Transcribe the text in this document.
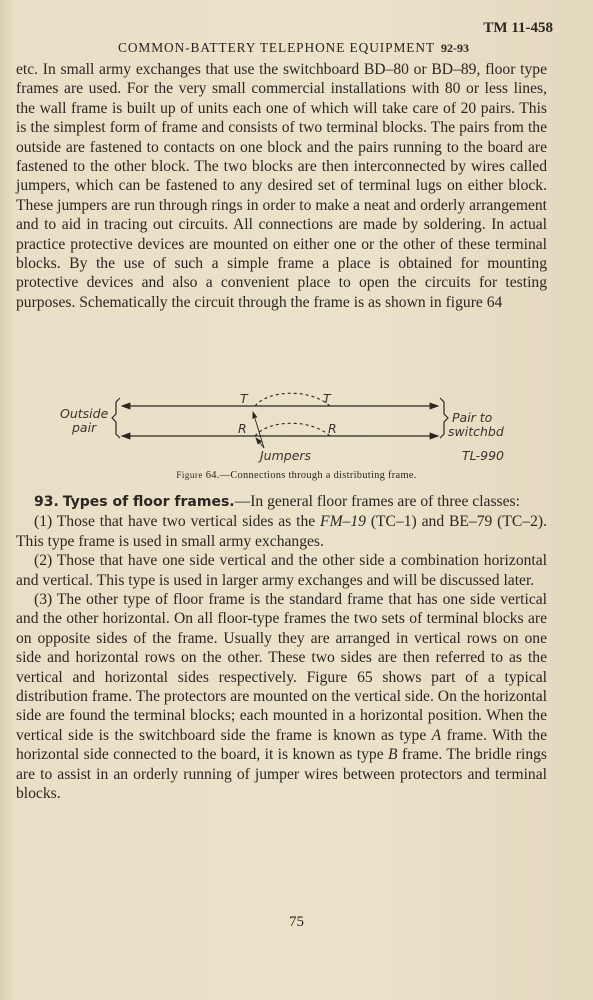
TM 11-458
COMMON-BATTERY TELEPHONE EQUIPMENT 92-93

etc. In small army exchanges that use the switchboard BD–80 or BD–89, floor type frames are used. For the very small commercial installations with 80 or less lines, the wall frame is built up of units each one of which will take care of 20 pairs. This is the simplest form of frame and consists of two terminal blocks. The pairs from the outside are fastened to contacts on one block and the pairs running to the board are fastened to the other block. The two blocks are then interconnected by wires called jumpers, which can be fastened to any desired set of terminal lugs on either block. These jumpers are run through rings in order to make a neat and orderly arrangement and to aid in tracing out circuits. All connections are made by soldering. In actual practice protective devices are mounted on either one or the other of these terminal blocks. By the use of such a simple frame a place is obtained for mounting protective devices and also a convenient place to open the circuits for testing purposes. Schematically the circuit through the frame is as shown in figure 64

Outside
pair
Pair to
switchbd
T	T
R	R
Jumpers	TL-990
Figure 64.—Connections through a distributing frame.

93. Types of floor frames.—In general floor frames are of three classes:

(1) Those that have two vertical sides as the FM–19 (TC–1) and BE–79 (TC–2). This type frame is used in small army exchanges.

(2) Those that have one side vertical and the other side a combination horizontal and vertical. This type is used in larger army exchanges and will be discussed later.

(3) The other type of floor frame is the standard frame that has one side vertical and the other horizontal. On all floor-type frames the two sets of terminal blocks are on opposite sides of the frame. Usually they are arranged in vertical rows on one side and horizontal rows on the other. These two sides are then referred to as the vertical and horizontal sides respectively. Figure 65 shows part of a typical distribution frame. The protectors are mounted on the vertical side. On the horizontal side are found the terminal blocks; each mounted in a horizontal position. When the vertical side is the switchboard side the frame is known as type A frame. With the horizontal side connected to the board, it is known as type B frame. The bridle rings are to assist in an orderly running of jumper wires between protectors and terminal blocks.

75
